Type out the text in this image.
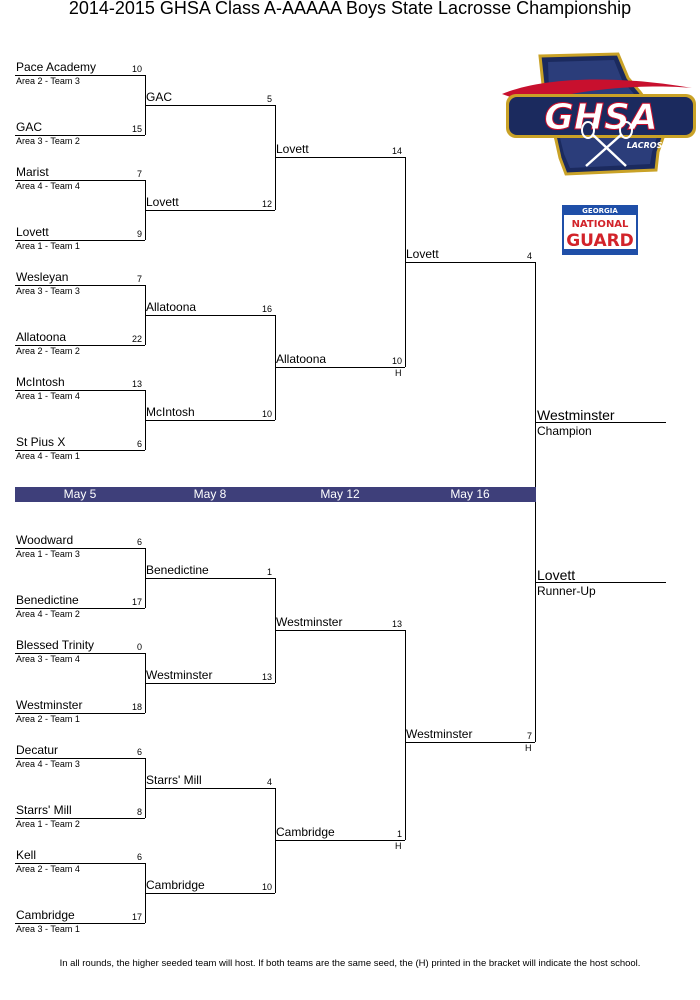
2014-2015 GHSA Class A-AAAAA Boys State Lacrosse Championship
Pace Academy	10
Area 2 - Team 3
GAC	15
Area 3 - Team 2
Marist	7
Area 4 - Team 4
Lovett	9
Area 1 - Team 1
Wesleyan	7
Area 3 - Team 3
Allatoona	22
Area 2 - Team 2
McIntosh	13
Area 1 - Team 4
St Pius X	6
Area 4 - Team 1
Woodward	6
Area 1 - Team 3
Benedictine	17
Area 4 - Team 2
Blessed Trinity	0
Area 3 - Team 4
Westminster	18
Area 2 - Team 1
Decatur	6
Area 4 - Team 3
Starrs' Mill	8
Area 1 - Team 2
Kell	6
Area 2 - Team 4
Cambridge	17
Area 3 - Team 1
GAC	5
Lovett	12
Allatoona	16
McIntosh	10
Benedictine	1
Westminster	13
Starrs' Mill	4
Cambridge	10
Lovett	14
Allatoona	10
H
Westminster	13
Cambridge	1
H
Lovett	4
Westminster	7
H
May 5	May 8	May 12	May 16
Westminster
Champion
Lovett
Runner-Up
GHSA
LACROSSE
GEORGIA
NATIONAL
GUARD
In all rounds, the higher seeded team will host. If both teams are the same seed, the (H) printed in the bracket will indicate the host school.
